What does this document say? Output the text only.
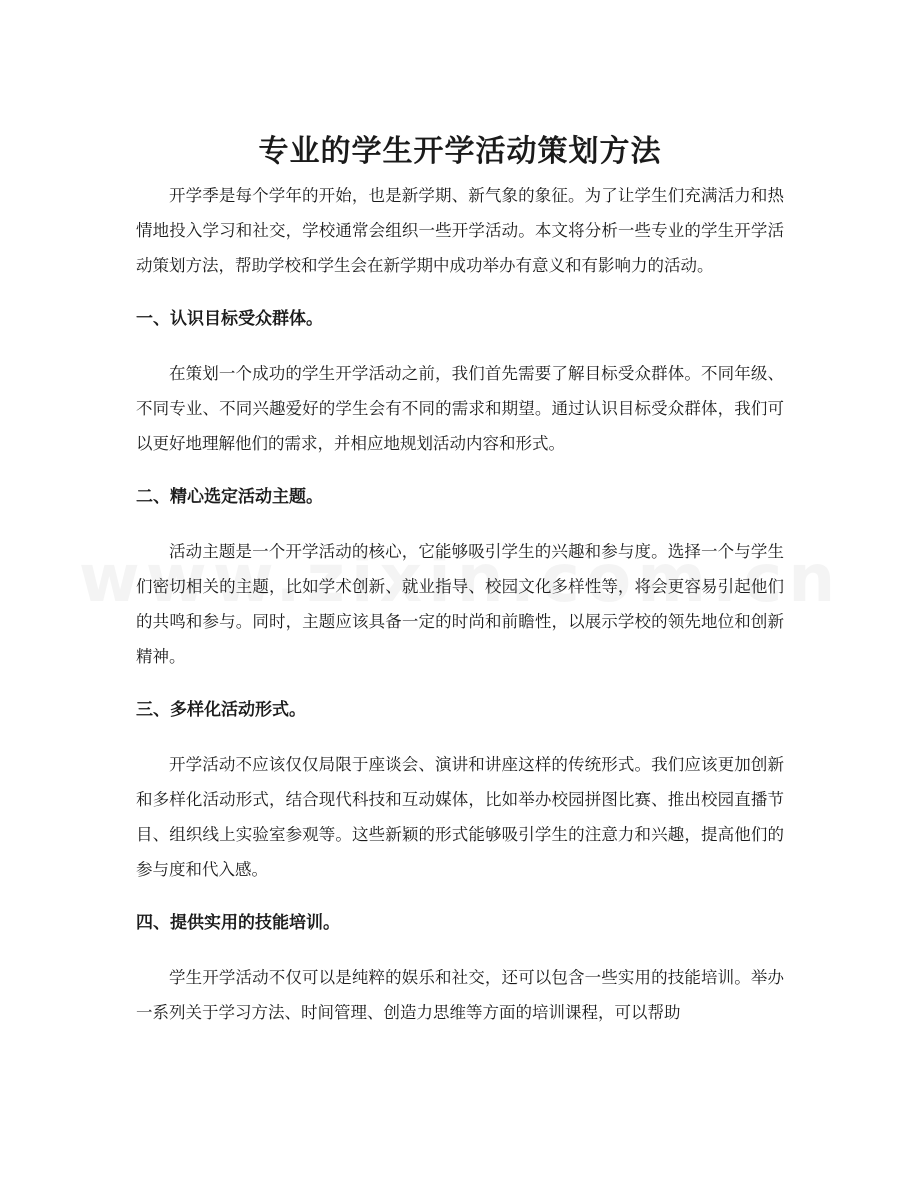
专业的学生开学活动策划方法

开学季是每个学年的开始，也是新学期、新气象的象征。为了让学生们充满活力和热情地投入学习和社交，学校通常会组织一些开学活动。本文将分析一些专业的学生开学活动策划方法，帮助学校和学生会在新学期中成功举办有意义和有影响力的活动。

一、认识目标受众群体。

在策划一个成功的学生开学活动之前，我们首先需要了解目标受众群体。不同年级、不同专业、不同兴趣爱好的学生会有不同的需求和期望。通过认识目标受众群体，我们可以更好地理解他们的需求，并相应地规划活动内容和形式。

二、精心选定活动主题。

活动主题是一个开学活动的核心，它能够吸引学生的兴趣和参与度。选择一个与学生们密切相关的主题，比如学术创新、就业指导、校园文化多样性等，将会更容易引起他们的共鸣和参与。同时，主题应该具备一定的时尚和前瞻性，以展示学校的领先地位和创新精神。

三、多样化活动形式。

开学活动不应该仅仅局限于座谈会、演讲和讲座这样的传统形式。我们应该更加创新和多样化活动形式，结合现代科技和互动媒体，比如举办校园拼图比赛、推出校园直播节目、组织线上实验室参观等。这些新颖的形式能够吸引学生的注意力和兴趣，提高他们的参与度和代入感。

四、提供实用的技能培训。

学生开学活动不仅可以是纯粹的娱乐和社交，还可以包含一些实用的技能培训。举办一系列关于学习方法、时间管理、创造力思维等方面的培训课程，可以帮助
